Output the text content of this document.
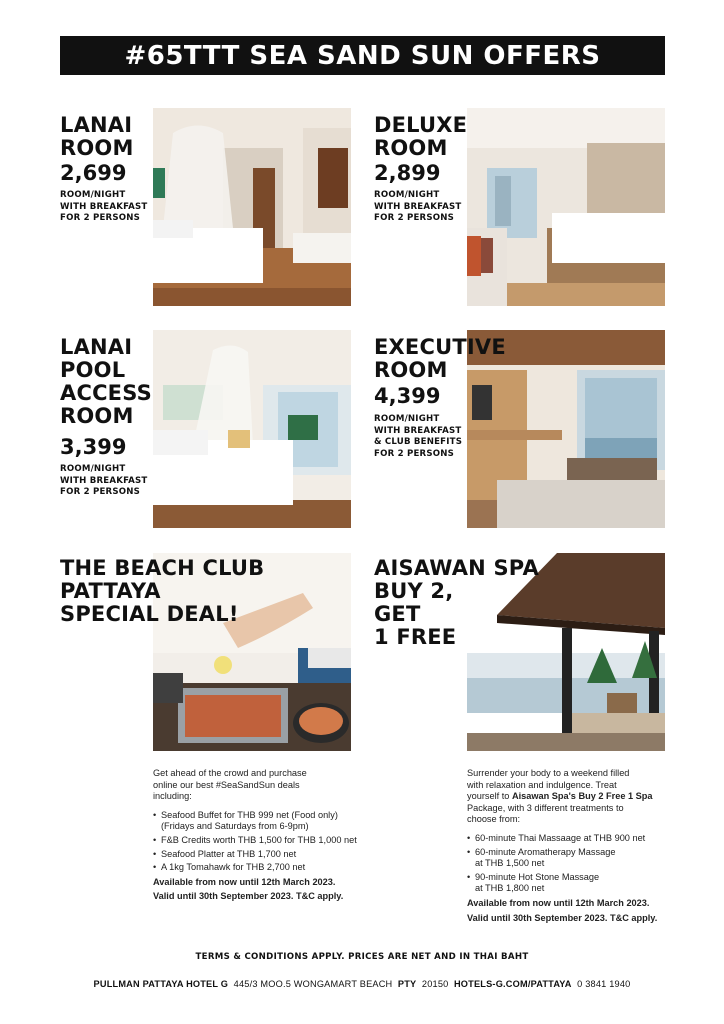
#65TTT SEA SAND SUN OFFERS
LANAI
ROOM
2,699
ROOM/NIGHT
WITH BREAKFAST
FOR 2 PERSONS
DELUXE
ROOM
2,899
ROOM/NIGHT
WITH BREAKFAST
FOR 2 PERSONS
LANAI
POOL
ACCESS
ROOM
3,399
ROOM/NIGHT
WITH BREAKFAST
FOR 2 PERSONS
EXECUTIVE
ROOM
4,399
ROOM/NIGHT
WITH BREAKFAST
& CLUB BENEFITS
FOR 2 PERSONS
THE BEACH CLUB
PATTAYA
SPECIAL DEAL!
AISAWAN SPA
BUY 2,
GET
1 FREE
Get ahead of the crowd and purchase
online our best #SeaSandSun deals
including:
• Seafood Buffet for THB 999 net (Food only)
(Fridays and Saturdays from 6-9pm)
• F&B Credits worth THB 1,500 for THB 1,000 net
• Seafood Platter at THB 1,700 net
• A 1kg Tomahawk for THB 2,700 net
Available from now until 12th March 2023.
Valid until 30th September 2023. T&C apply.
Surrender your body to a weekend filled
with relaxation and indulgence. Treat
yourself to Aisawan Spa's Buy 2 Free 1 Spa
Package, with 3 different treatments to
choose from:
• 60-minute Thai Massaage at THB 900 net
• 60-minute Aromatherapy Massage
at THB 1,500 net
• 90-minute Hot Stone Massage
at THB 1,800 net
Available from now until 12th March 2023.
Valid until 30th September 2023. T&C apply.
TERMS & CONDITIONS APPLY. PRICES ARE NET AND IN THAI BAHT
PULLMAN PATTAYA HOTEL G 445/3 MOO.5 WONGAMART BEACH PTY 20150 HOTELS-G.COM/PATTAYA 0 3841 1940
